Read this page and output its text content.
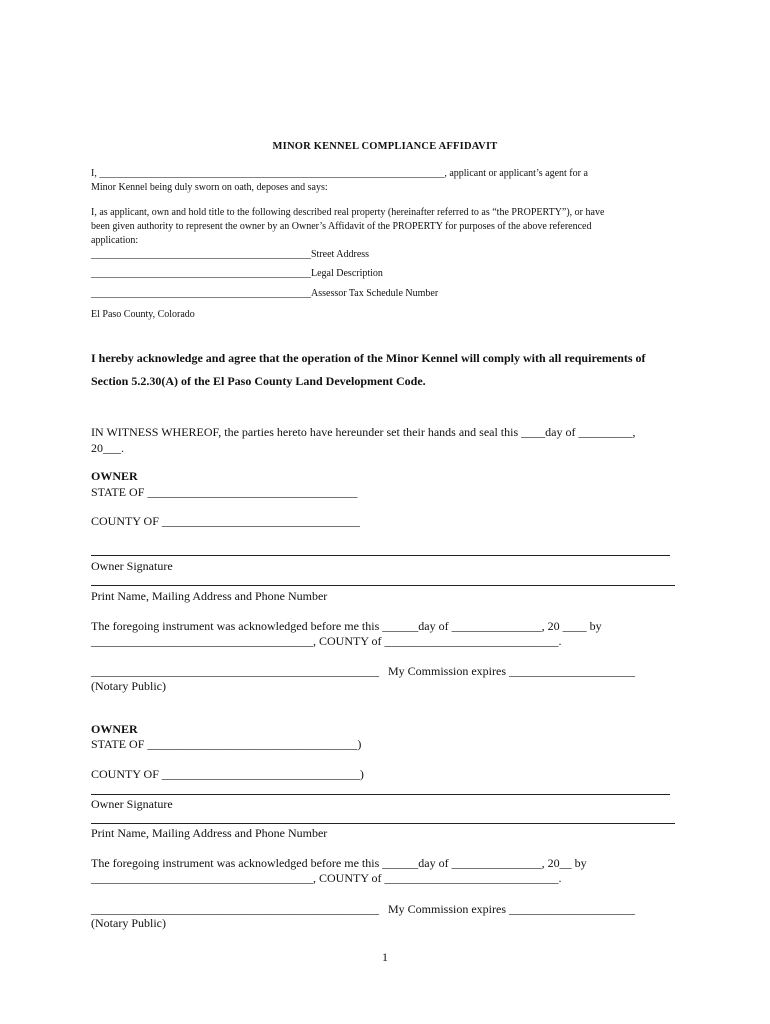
MINOR KENNEL COMPLIANCE AFFIDAVIT
I, _____________________________________________________________________, applicant or applicant’s agent for a
Minor Kennel being duly sworn on oath, deposes and says:
I, as applicant, own and hold title to the following described real property (hereinafter referred to as “the PROPERTY”), or have
been given authority to represent the owner by an Owner’s Affidavit of the PROPERTY for purposes of the above referenced
application:
____________________________________________Street Address
____________________________________________Legal Description
____________________________________________Assessor Tax Schedule Number
El Paso County, Colorado
I hereby acknowledge and agree that the operation of the Minor Kennel will comply with all requirements of
Section 5.2.30(A) of the El Paso County Land Development Code.
IN WITNESS WHEREOF, the parties hereto have hereunder set their hands and seal this ____day of _________,
20___.
OWNER
STATE OF ___________________________________
COUNTY OF _________________________________
Owner Signature
Print Name, Mailing Address and Phone Number
The foregoing instrument was acknowledged before me this ______day of _______________, 20 ____ by
_____________________________________, COUNTY of _____________________________.
________________________________________________   My Commission expires _____________________
(Notary Public)
OWNER
STATE OF ___________________________________)
COUNTY OF _________________________________)
Owner Signature
Print Name, Mailing Address and Phone Number
The foregoing instrument was acknowledged before me this ______day of _______________, 20__ by
_____________________________________, COUNTY of _____________________________.
________________________________________________   My Commission expires _____________________
(Notary Public)
1
